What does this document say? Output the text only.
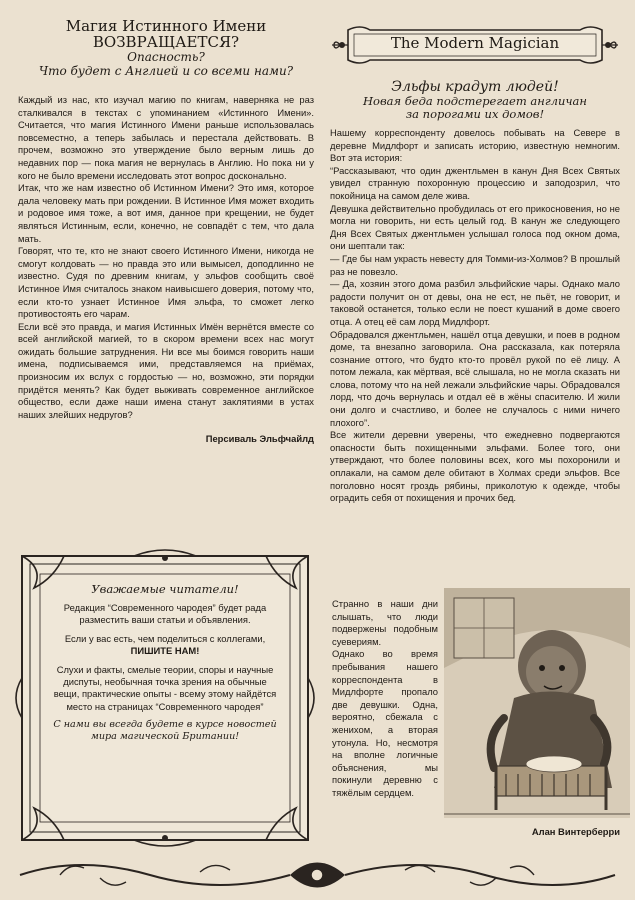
Магия Истинного Имени
ВОЗВРАЩАЕТСЯ?
Опасность?
Что будет с Англией и со всеми нами?

Каждый из нас, кто изучал магию по книгам, наверняка не раз сталкивался в текстах с упоминанием «Истинного Имени». Считается, что магия Истинного Имени раньше использовалась повсеместно, а теперь забылась и перестала действовать. В прочем, возможно это утверждение было верным лишь до недавних пор — пока магия не вернулась в Англию. Но пока ни у кого не было времени исследовать этот вопрос досконально.

Итак, что же нам известно об Истинном Имени? Это имя, которое дала человеку мать при рождении. В Истинное Имя может входить и родовое имя тоже, а вот имя, данное при крещении, не будет являться Истинным, если, конечно, не совпадёт с тем, что дала мать.

Говорят, что те, кто не знают своего Истинного Имени, никогда не смогут колдовать — но правда это или вымысел, доподлинно не известно. Судя по древним книгам, у эльфов сообщить своё Истинное Имя считалось знаком наивысшего доверия, потому что, если кто-то узнает Истинное Имя эльфа, то сможет легко противостоять его чарам.

Если всё это правда, и магия Истинных Имён вернётся вместе со всей английской магией, то в скором времени всех нас могут ожидать большие затруднения. Ни все мы боимся говорить наши имена, подписываемся ими, представляемся на приёмах, произносим их вслух с гордостью — но, возможно, эти порядки придётся менять? Как будет выживать современное английское общество, если даже наши имена станут заклятиями в устах наших злейших недругов?

Персиваль Эльфчайлд
The Modern Magician
Эльфы крадут людей!
Новая беда подстерегает англичан
за порогами их домов!

Нашему корреспонденту довелось побывать на Севере в деревне Мидлфорт и записать историю, известную немногим. Вот эта история:

“Рассказывают, что один джентльмен в канун Дня Всех Святых увидел странную похоронную процессию и заподозрил, что покойница на самом деле жива.

Девушка действительно пробудилась от его прикосновения, но не могла ни говорить, ни есть целый год. В канун же следующего Дня Всех Святых джентльмен услышал голоса под окном дома, они шептали так:

— Где бы нам украсть невесту для Томми-из-Холмов? В прошлый раз не повезло.

— Да, хозяин этого дома разбил эльфийские чары. Однако мало радости получит он от девы, она не ест, не пьёт, не говорит, и таковой останется, только если не поест кушаний в доме своего отца. А отец её сам лорд Мидлфорт.

Обрадовался джентльмен, нашёл отца девушки, и поев в родном доме, та внезапно заговорила. Она рассказала, как потеряла сознание оттого, что будто кто-то провёл рукой по её лицу. А потом лежала, как мёртвая, всё слышала, но не могла сказать ни слова, потому что на ней лежали эльфийские чары. Обрадовался лорд, что дочь вернулась и отдал её в жёны спасителю. И жили они долго и счастливо, и более не случалось с ними ничего плохого”.

Все жители деревни уверены, что ежедневно подвергаются опасности быть похищенными эльфами. Более того, они утверждают, что более половины всех, кого мы похоронили и оплакали, на самом деле обитают в Холмах среди эльфов. Все поголовно носят гроздь рябины, приколотую к одежде, чтобы оградить себя от похищения и прочих бед.

Странно в наши дни слышать, что люди подвержены подобным суевериям.

Однако во время пребывания нашего корреспондента в Мидлфорте пропало две девушки. Одна, вероятно, сбежала с женихом, а вторая утонула. Но, несмотря на вполне логичные объяснения, мы покинули деревню с тяжёлым сердцем.

Алан Винтерберри
Уважаемые читатели!

Редакция “Современного чародея” будет рада разместить ваши статьи и объявления.

Если у вас есть, чем поделиться с коллегами,

ПИШИТЕ НАМ!

Слухи и факты, смелые теории, споры и научные диспуты, необычная точка зрения на обычные вещи, практические опыты - всему этому найдётся место на страницах “Современного чародея”

С нами вы всегда будете в курсе новостей мира магической Британии!
